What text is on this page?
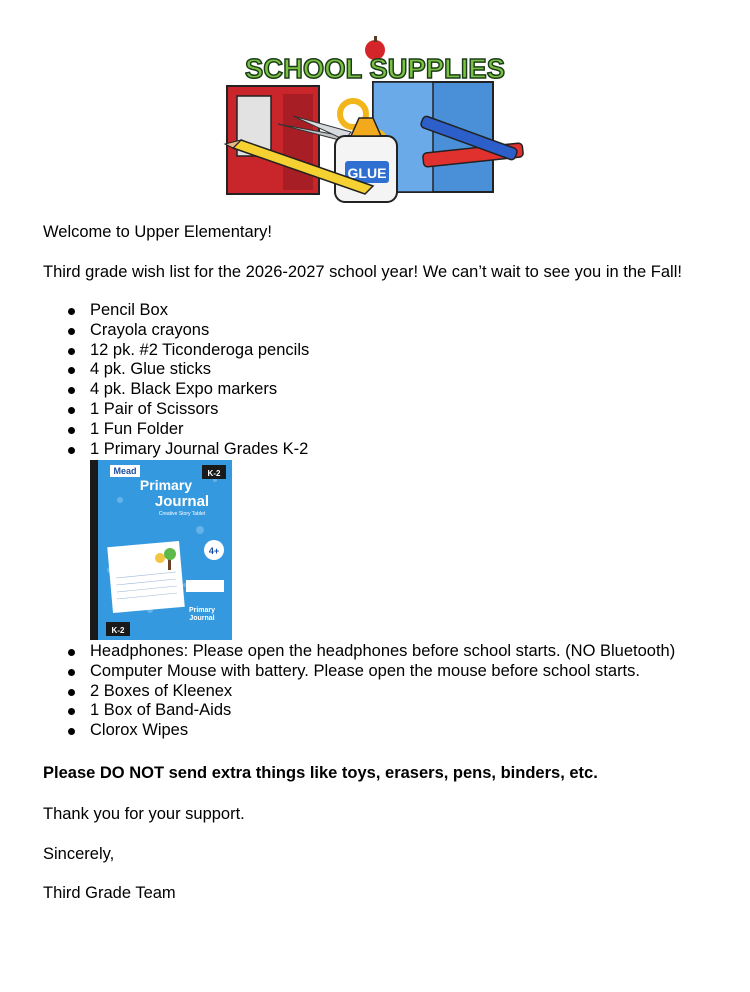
GLUE
SCHOOL SUPPLIES
Welcome to Upper Elementary!
Third grade wish list for the 2026-2027 school year! We can’t wait to see you in the Fall!
Pencil Box
Crayola crayons
12 pk. #2 Ticonderoga pencils
4 pk. Glue sticks
4 pk. Black Expo markers
1 Pair of Scissors
1 Fun Folder
1 Primary Journal Grades K-2
Mead	K-2
Primary
Journal
Creative Story Tablet
4+
Primary
Journal
K-2
Headphones: Please open the headphones before school starts. (NO Bluetooth)
Computer Mouse with battery. Please open the mouse before school starts.
2 Boxes of Kleenex
1 Box of Band-Aids
Clorox Wipes
Please DO NOT send extra things like toys, erasers, pens, binders, etc.
Thank you for your support.
Sincerely,
Third Grade Team
